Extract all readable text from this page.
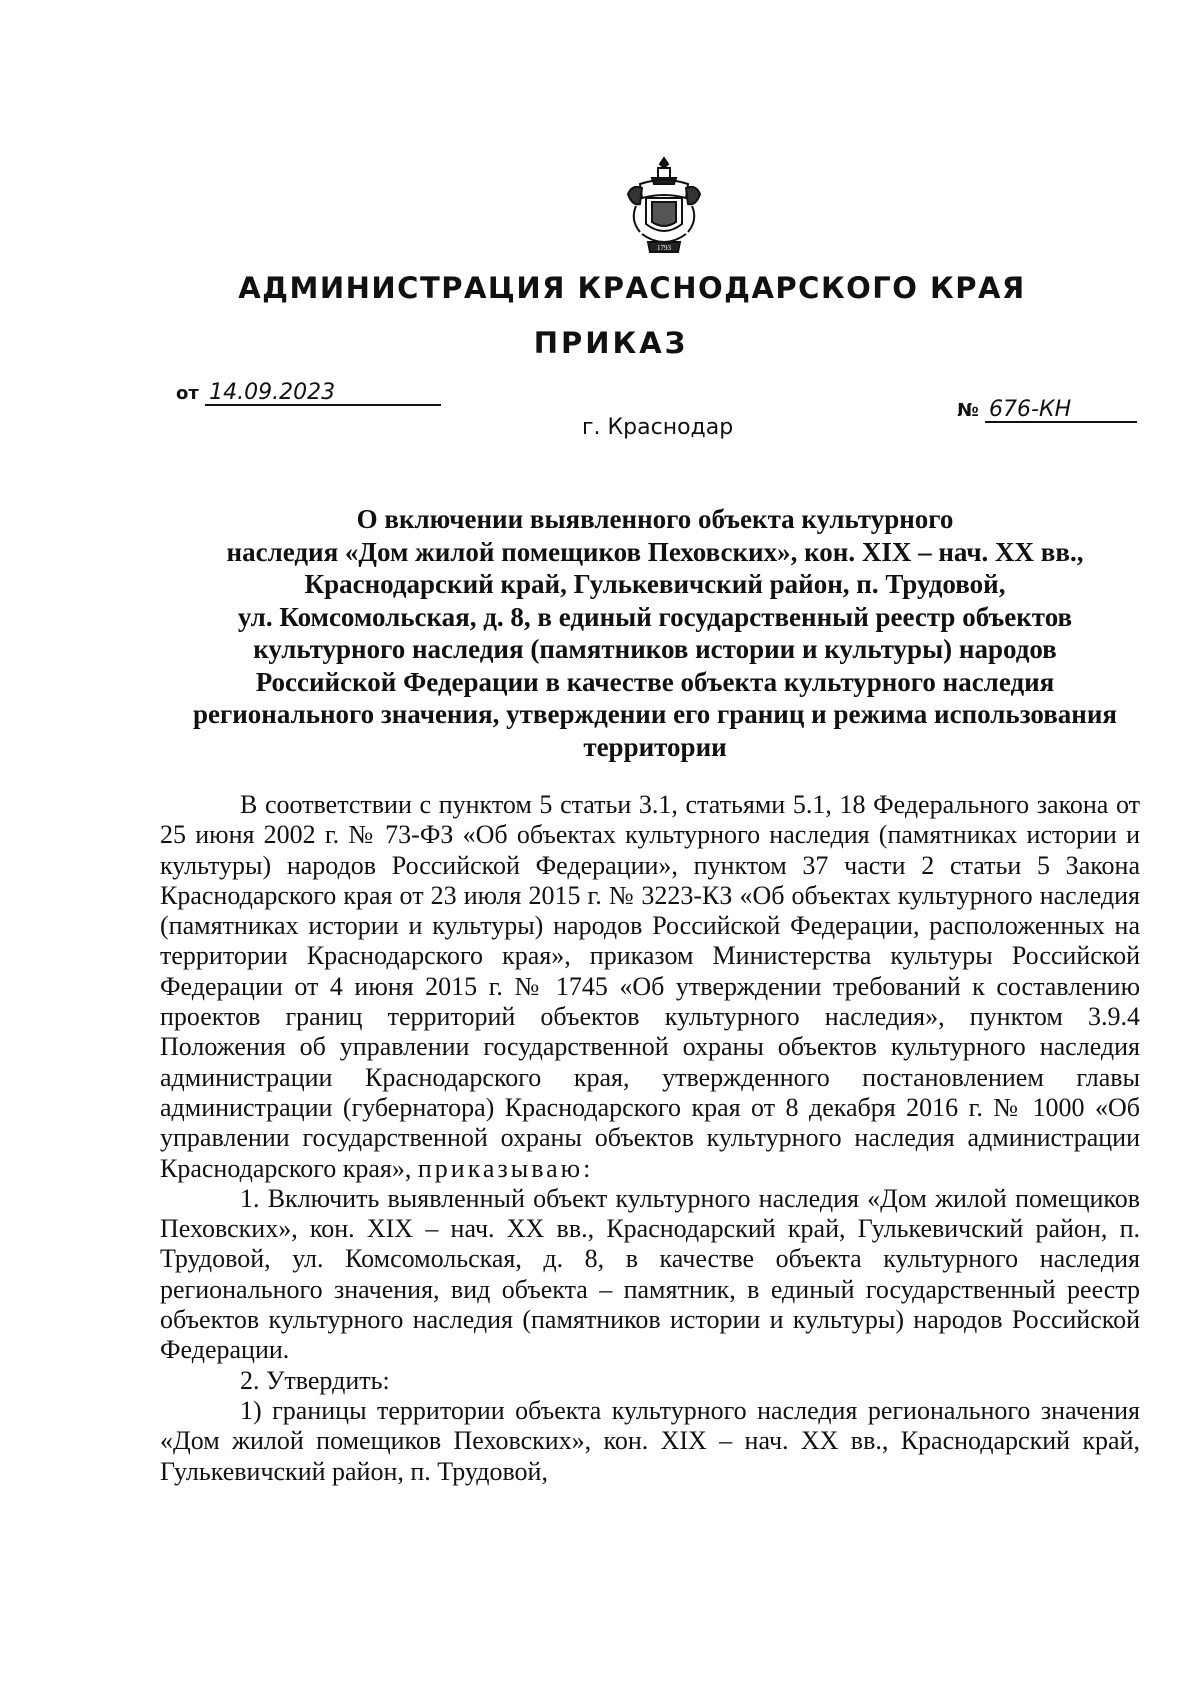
1793
АДМИНИСТРАЦИЯ КРАСНОДАРСКОГО КРАЯ
ПРИКАЗ
от 14.09.2023
г. Краснодар
№ 676-КН
О включении выявленного объекта культурного
наследия «Дом жилой помещиков Пеховских», кон. XIX – нач. XX вв.,
Краснодарский край, Гулькевичский район, п. Трудовой,
ул. Комсомольская, д. 8, в единый государственный реестр объектов
культурного наследия (памятников истории и культуры) народов
Российской Федерации в качестве объекта культурного наследия
регионального значения, утверждении его границ и режима использования
территории

В соответствии с пунктом 5 статьи 3.1, статьями 5.1, 18 Федерального закона от 25 июня 2002 г. № 73-ФЗ «Об объектах культурного наследия (памятниках истории и культуры) народов Российской Федерации», пунктом 37 части 2 статьи 5 Закона Краснодарского края от 23 июля 2015 г. № 3223-КЗ «Об объектах культурного наследия (памятниках истории и культуры) народов Российской Федерации, расположенных на территории Краснодарского края», приказом Министерства культуры Российской Федерации от 4 июня 2015 г. № 1745 «Об утверждении требований к составлению проектов границ территорий объектов культурного наследия», пунктом 3.9.4 Положения об управлении государственной охраны объектов культурного наследия администрации Краснодарского края, утвержденного постановлением главы администрации (губернатора) Краснодарского края от 8 декабря 2016 г. № 1000 «Об управлении государственной охраны объектов культурного наследия администрации Краснодарского края», приказываю:

1. Включить выявленный объект культурного наследия «Дом жилой помещиков Пеховских», кон. XIX – нач. XX вв., Краснодарский край, Гулькевичский район, п. Трудовой, ул. Комсомольская, д. 8, в качестве объекта культурного наследия регионального значения, вид объекта – памятник, в единый государственный реестр объектов культурного наследия (памятников истории и культуры) народов Российской Федерации.

2. Утвердить:

1) границы территории объекта культурного наследия регионального значения «Дом жилой помещиков Пеховских», кон. XIX – нач. XX вв., Краснодарский край, Гулькевичский район, п. Трудовой,
